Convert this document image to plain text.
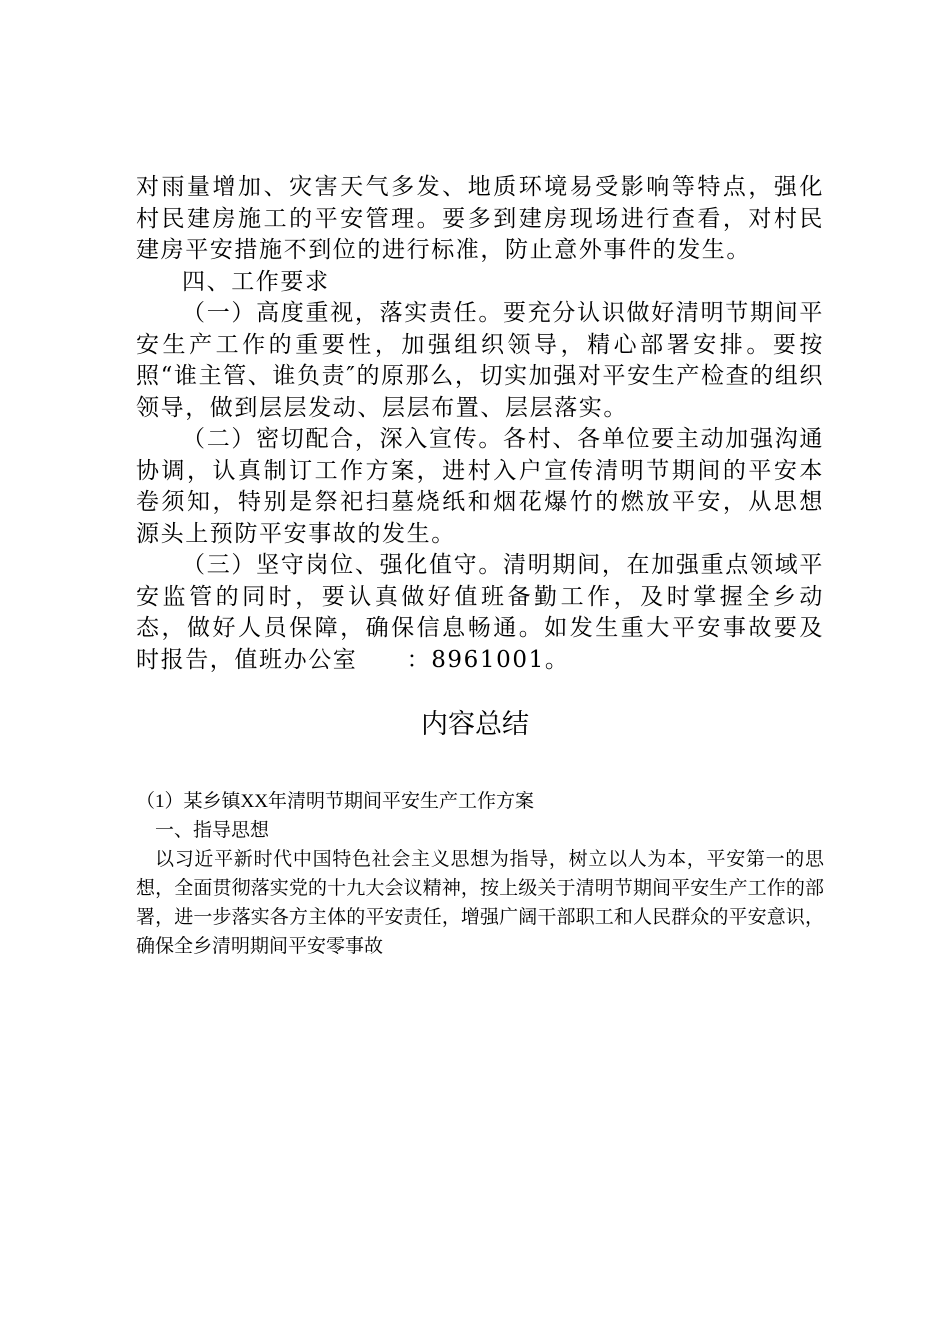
对雨量增加、灾害天气多发、地质环境易受影响等特点，强化村民建房施工的平安管理。要多到建房现场进行查看，对村民建房平安措施不到位的进行标准，防止意外事件的发生。

四、工作要求

（一）高度重视，落实责任。要充分认识做好清明节期间平安生产工作的重要性，加强组织领导，精心部署安排。要按照“谁主管、谁负责″的原那么，切实加强对平安生产检查的组织领导，做到层层发动、层层布置、层层落实。

（二）密切配合，深入宣传。各村、各单位要主动加强沟通协调，认真制订工作方案，进村入户宣传清明节期间的平安本卷须知，特别是祭祀扫墓烧纸和烟花爆竹的燃放平安，从思想源头上预防平安事故的发生。

（三）坚守岗位、强化值守。清明期间，在加强重点领域平安监管的同时，要认真做好值班备勤工作，及时掌握全乡动态，做好人员保障，确保信息畅通。如发生重大平安事故要及时报告，值班办公室　　：8961001。

内容总结

（1）某乡镇XX年清明节期间平安生产工作方案

一、指导思想

以习近平新时代中国特色社会主义思想为指导，树立以人为本，平安第一的思想，全面贯彻落实党的十九大会议精神，按上级关于清明节期间平安生产工作的部署，进一步落实各方主体的平安责任，增强广阔干部职工和人民群众的平安意识，确保全乡清明期间平安零事故
